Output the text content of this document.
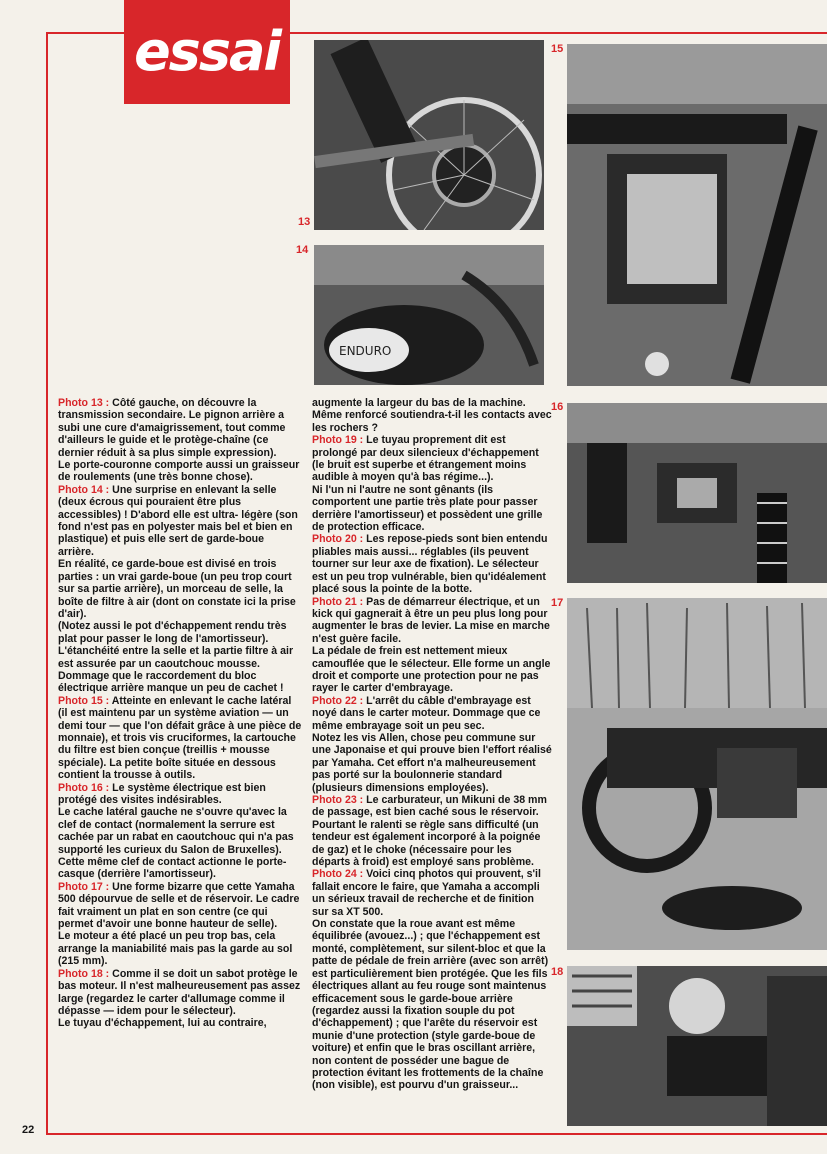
essai
13
ENDURO
14
15
16
17
18

Photo 13 : Côté gauche, on découvre la transmission secondaire. Le pignon arrière a subi une cure d'amaigrissement, tout comme d'ailleurs le guide et le protège-chaîne (ce dernier réduit à sa plus simple expression).

Le porte-couronne comporte aussi un graisseur de roulements (une très bonne chose).

Photo 14 : Une surprise en enlevant la selle (deux écrous qui pouraient être plus accessibles) ! D'abord elle est ultra- légère (son fond n'est pas en polyester mais bel et bien en plastique) et puis elle sert de garde-boue arrière.

En réalité, ce garde-boue est divisé en trois parties : un vrai garde-boue (un peu trop court sur sa partie arrière), un morceau de selle, la boîte de filtre à air (dont on constate ici la prise d'air).

(Notez aussi le pot d'échappement rendu très plat pour passer le long de l'amortisseur).

L'étanchéité entre la selle et la partie filtre à air est assurée par un caoutchouc mousse.

Dommage que le raccordement du bloc électrique arrière manque un peu de cachet !

Photo 15 : Atteinte en enlevant le cache latéral (il est maintenu par un système aviation — un demi tour — que l'on défait grâce à une pièce de monnaie), et trois vis cruciformes, la cartouche du filtre est bien conçue (treillis + mousse spéciale). La petite boîte située en dessous contient la trousse à outils.

Photo 16 : Le système électrique est bien protégé des visites indésirables.

Le cache latéral gauche ne s'ouvre qu'avec la clef de contact (normalement la serrure est cachée par un rabat en caoutchouc qui n'a pas supporté les curieux du Salon de Bruxelles).

Cette même clef de contact actionne le porte-casque (derrière l'amortisseur).

Photo 17 : Une forme bizarre que cette Yamaha 500 dépourvue de selle et de réservoir. Le cadre fait vraiment un plat en son centre (ce qui permet d'avoir une bonne hauteur de selle).

Le moteur a été placé un peu trop bas, cela arrange la maniabilité mais pas la garde au sol (215 mm).

Photo 18 : Comme il se doit un sabot protège le bas moteur. Il n'est malheureusement pas assez large (regardez le carter d'allumage comme il dépasse — idem pour le sélecteur).

Le tuyau d'échappement, lui au contraire,

augmente la largeur du bas de la machine. Même renforcé soutiendra-t-il les contacts avec les rochers ?

Photo 19 : Le tuyau proprement dit est prolongé par deux silencieux d'échappement (le bruit est superbe et étrangement moins audible à moyen qu'à bas régime...).

Ni l'un ni l'autre ne sont gênants (ils comportent une partie très plate pour passer derrière l'amortisseur) et possèdent une grille de protection efficace.

Photo 20 : Les repose-pieds sont bien entendu pliables mais aussi... réglables (ils peuvent tourner sur leur axe de fixation). Le sélecteur est un peu trop vulnérable, bien qu'idéalement placé sous la pointe de la botte.

Photo 21 : Pas de démarreur électrique, et un kick qui gagnerait à être un peu plus long pour augmenter le bras de levier. La mise en marche n'est guère facile.

La pédale de frein est nettement mieux camouflée que le sélecteur. Elle forme un angle droit et comporte une protection pour ne pas rayer le carter d'embrayage.

Photo 22 : L'arrêt du câble d'embrayage est noyé dans le carter moteur. Dommage que ce même embrayage soit un peu sec.

Notez les vis Allen, chose peu commune sur une Japonaise et qui prouve bien l'effort réalisé par Yamaha. Cet effort n'a malheureusement pas porté sur la boulonnerie standard (plusieurs dimensions employées).

Photo 23 : Le carburateur, un Mikuni de 38 mm de passage, est bien caché sous le réservoir. Pourtant le ralenti se règle sans difficulté (un tendeur est également incorporé à la poignée de gaz) et le choke (nécessaire pour les départs à froid) est employé sans problème.

Photo 24 : Voici cinq photos qui prouvent, s'il fallait encore le faire, que Yamaha a accompli un sérieux travail de recherche et de finition sur sa XT 500.

On constate que la roue avant est même équilibrée (avouez...) ; que l'échappement est monté, complètement, sur silent-bloc et que la patte de pédale de frein arrière (avec son arrêt) est particulièrement bien protégée. Que les fils électriques allant au feu rouge sont maintenus efficacement sous le garde-boue arrière (regardez aussi la fixation souple du pot d'échappement) ; que l'arête du réservoir est munie d'une protection (style garde-boue de voiture) et enfin que le bras oscillant arrière, non content de posséder une bague de protection évitant les frottements de la chaîne (non visible), est pourvu d'un graisseur...

22
